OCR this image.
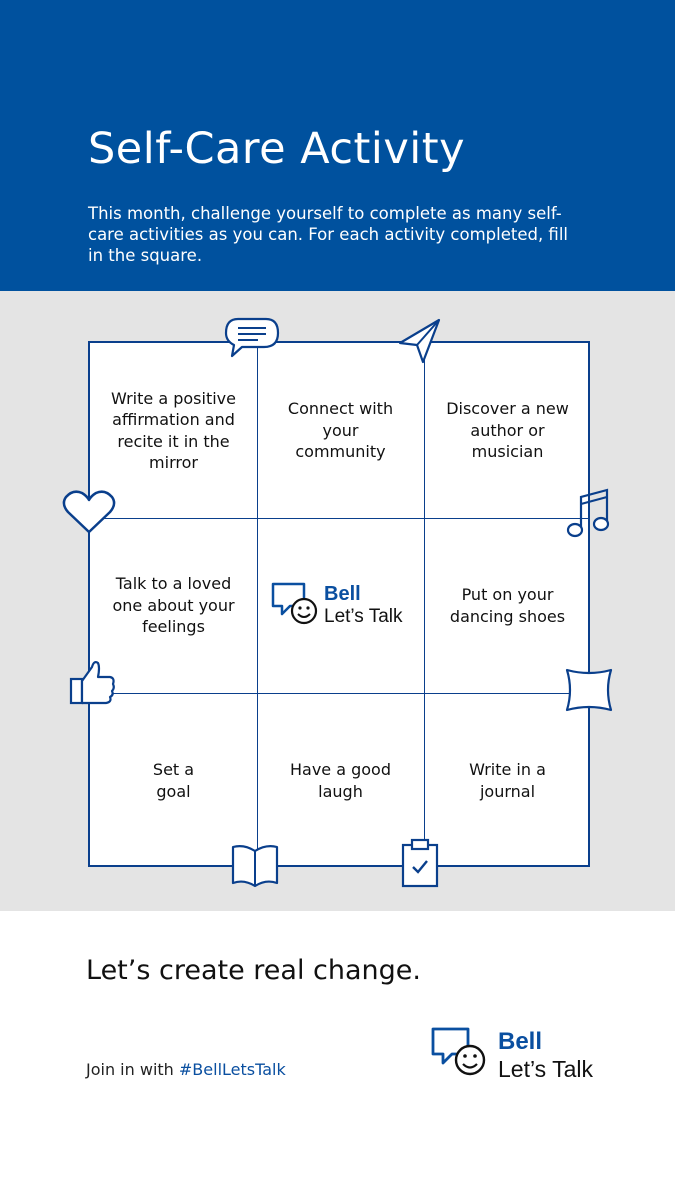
Self-Care Activity

This month, challenge yourself to complete as many self-care activities as you can. For each activity completed, fill in the square.

Write a positive affirmation and recite it in the mirror
Connect with your community
Discover a new author or musician
Talk to a loved one about your feelings
Put on your dancing shoes
Set a goal
Have a good laugh
Write in a journal
Bell
Let’s Talk
Let’s create real change.
Join in with #BellLetsTalk
Bell
Let’s Talk
